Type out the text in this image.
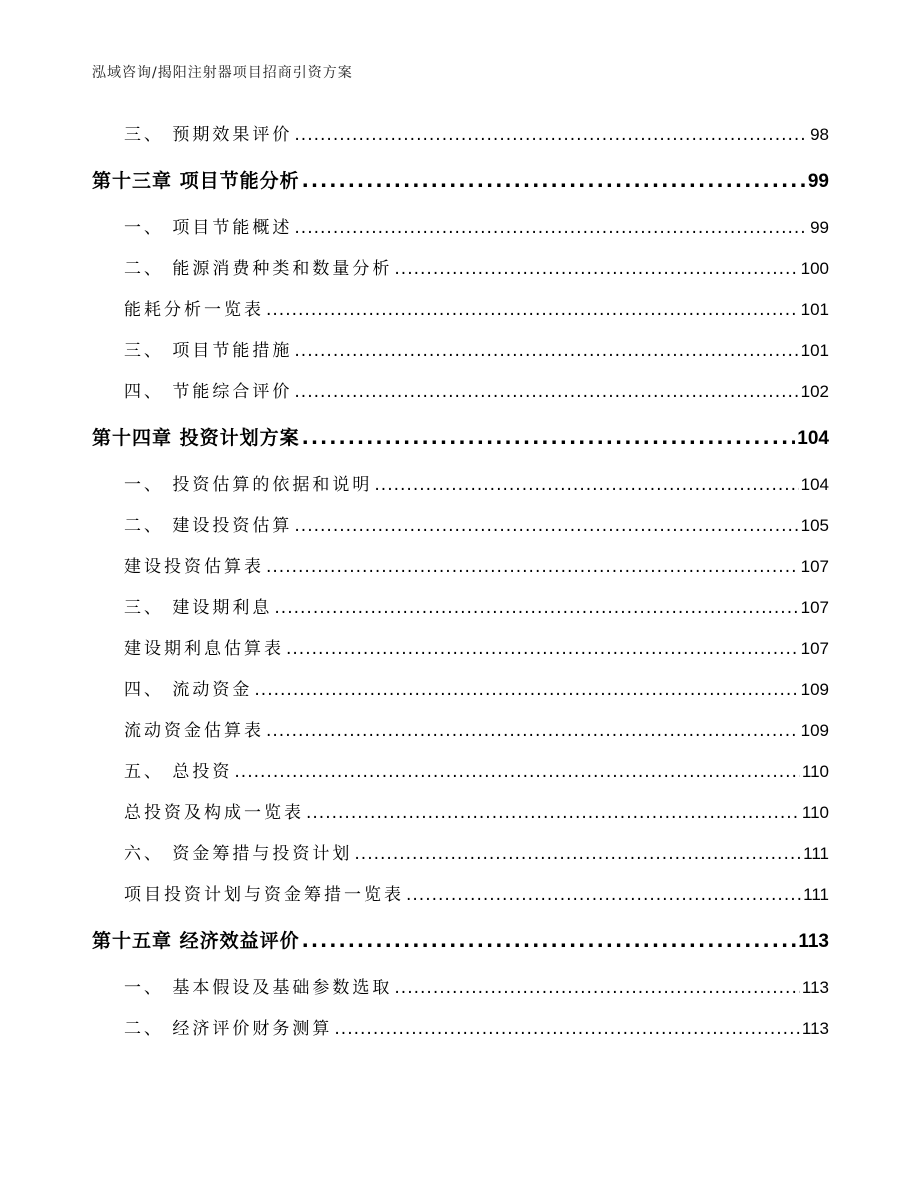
泓域咨询/揭阳注射器项目招商引资方案
三、 预期效果评价 .....	98
第十三章 项目节能分析 .....	99
一、 项目节能概述 .....	99
二、 能源消费种类和数量分析 .....	100
能耗分析一览表 .....	101
三、 项目节能措施 .....	101
四、 节能综合评价 .....	102
第十四章 投资计划方案 .....	104
一、 投资估算的依据和说明 .....	104
二、 建设投资估算 .....	105
建设投资估算表 .....	107
三、 建设期利息 .....	107
建设期利息估算表 .....	107
四、 流动资金 .....	109
流动资金估算表 .....	109
五、 总投资 .....	110
总投资及构成一览表 .....	110
六、 资金筹措与投资计划 .....	111
项目投资计划与资金筹措一览表 .....	111
第十五章 经济效益评价 .....	113
一、 基本假设及基础参数选取 .....	113
二、 经济评价财务测算 .....	113
